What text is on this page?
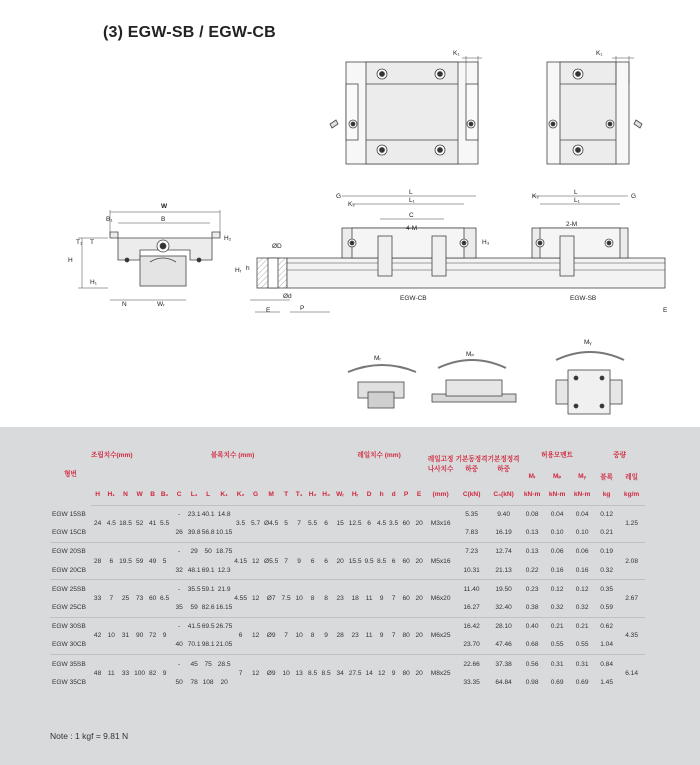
(3) EGW-SB / EGW-CB
K₁	K₁
W
B
B₁
T₁ T
H₂
H
H₁
N	Wᵣ
G
K₂
L
L₁
C
4-M
H₃
K₂
L
L₁
G
2-M
ØD
Hᵣ h
Ød
E	P
EGW-CB	EGW-SB
E
Mᵣ
Mₚ
Mᵧ
형번	조립치수(mm)			블록치수 (mm)														레일치수 (mm)							레일고정나사치수	기본동정격하중	기본정정격하중	허용모멘트			중량	
																												Mᵣ	Mₚ	Mᵧ	블록	레일
	H	H₁	N	W	B	B₁	C	L₁	L	K₁	K₂	G	M	T	T₁	H₂	H₃	Wᵣ	Hᵣ	D	h	d	P	E	(mm)	C(kN)	C₀(kN)	kN-m	kN-m	kN-m	kg	kg/m
EGW 15SB	24	4.5	18.5	52	41	5.5	-	23.1	40.1	14.8	3.5	5.7	Ø4.5	5	7	5.5	6	15	12.5	6	4.5	3.5	60	20	M3x16	5.35	9.40	0.08	0.04	0.04	0.12	1.25
EGW 15CB							26	39.8	56.8	10.15																7.83	16.19	0.13	0.10	0.10	0.21	
EGW 20SB	28	6	19.5	59	49	5	-	29	50	18.75	4.15	12	Ø5.5	7	9	6	6	20	15.5	9.5	8.5	6	60	20	M5x16	7.23	12.74	0.13	0.06	0.06	0.19	2.08
EGW 20CB							32	48.1	69.1	12.3																10.31	21.13	0.22	0.16	0.16	0.32	
EGW 25SB	33	7	25	73	60	6.5	-	35.5	59.1	21.9	4.55	12	Ø7	7.5	10	8	8	23	18	11	9	7	60	20	M6x20	11.40	19.50	0.23	0.12	0.12	0.35	2.67
EGW 25CB							35	59	82.6	16.15																16.27	32.40	0.38	0.32	0.32	0.59	
EGW 30SB	42	10	31	90	72	9	-	41.5	69.5	26.75	6	12	Ø9	7	10	8	9	28	23	11	9	7	80	20	M6x25	16.42	28.10	0.40	0.21	0.21	0.62	4.35
EGW 30CB							40	70.1	98.1	21.05																23.70	47.46	0.68	0.55	0.55	1.04	
EGW 35SB	48	11	33	100	82	9	-	45	75	28.5	7	12	Ø9	10	13	8.5	8.5	34	27.5	14	12	9	80	20	M8x25	22.66	37.38	0.56	0.31	0.31	0.84	6.14
EGW 35CB							50	78	108	20																33.35	64.84	0.98	0.69	0.69	1.45	
Note : 1 kgf = 9.81 N
